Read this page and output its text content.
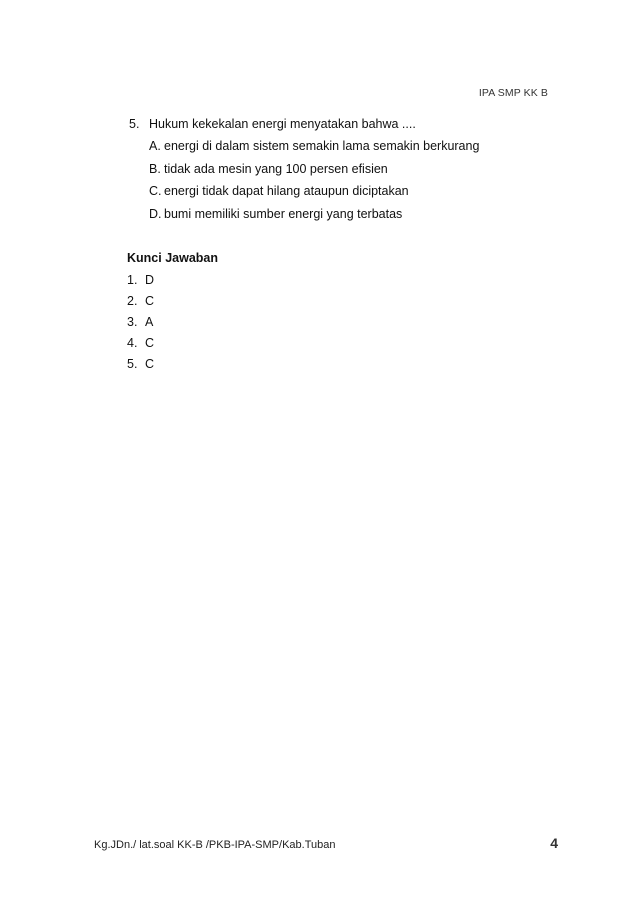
IPA SMP KK B
5. Hukum kekekalan energi menyatakan bahwa ....
A. energi di dalam sistem semakin lama semakin berkurang
B. tidak ada mesin yang 100 persen efisien
C. energi tidak dapat hilang ataupun diciptakan
D. bumi memiliki sumber energi yang terbatas
Kunci Jawaban
1. D
2. C
3. A
4. C
5. C
Kg.JDn./ lat.soal KK-B /PKB-IPA-SMP/Kab.Tuban	4
